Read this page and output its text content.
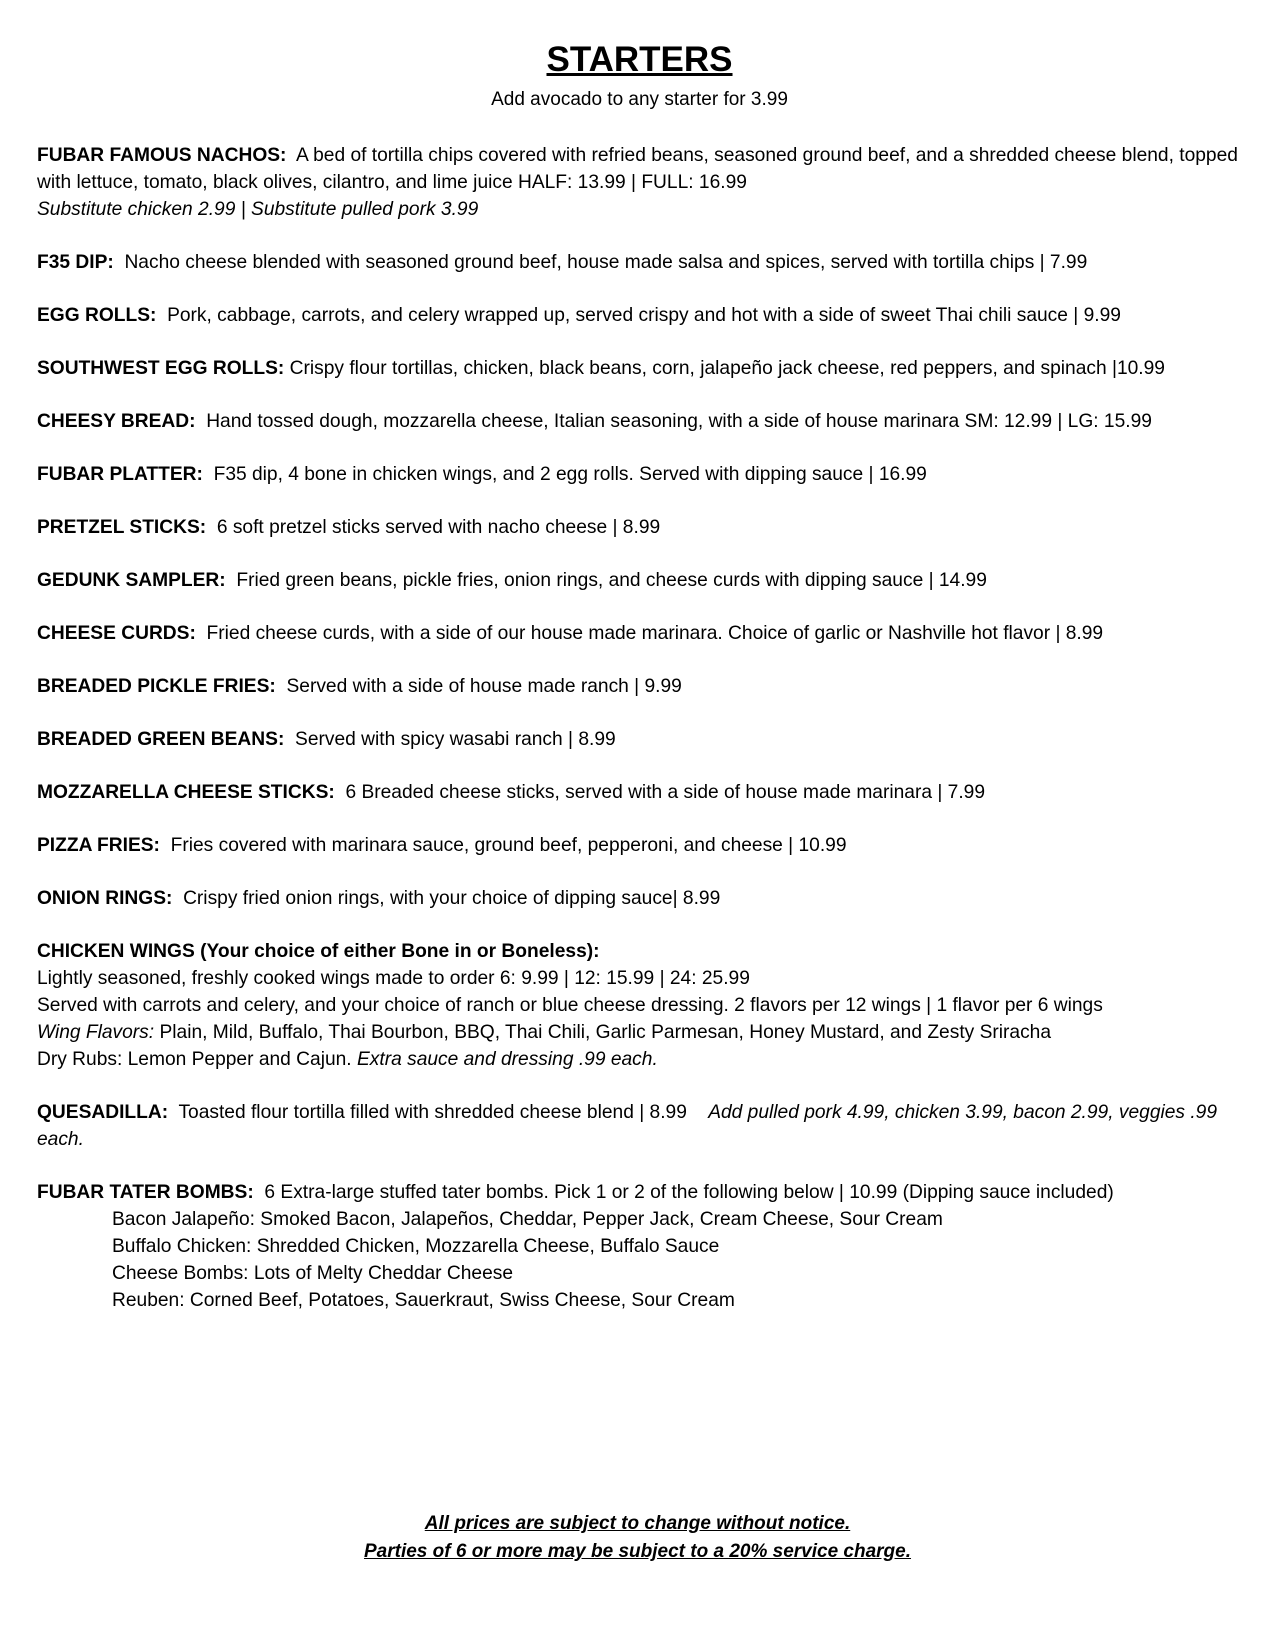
STARTERS

Add avocado to any starter for 3.99

FUBAR FAMOUS NACHOS: A bed of tortilla chips covered with refried beans, seasoned ground beef, and a shredded cheese blend, topped with lettuce, tomato, black olives, cilantro, and lime juice HALF: 13.99 | FULL: 16.99

Substitute chicken 2.99 | Substitute pulled pork 3.99

F35 DIP: Nacho cheese blended with seasoned ground beef, house made salsa and spices, served with tortilla chips | 7.99

EGG ROLLS: Pork, cabbage, carrots, and celery wrapped up, served crispy and hot with a side of sweet Thai chili sauce | 9.99

SOUTHWEST EGG ROLLS: Crispy flour tortillas, chicken, black beans, corn, jalapeño jack cheese, red peppers, and spinach |10.99

CHEESY BREAD: Hand tossed dough, mozzarella cheese, Italian seasoning, with a side of house marinara SM: 12.99 | LG: 15.99

FUBAR PLATTER: F35 dip, 4 bone in chicken wings, and 2 egg rolls. Served with dipping sauce | 16.99

PRETZEL STICKS: 6 soft pretzel sticks served with nacho cheese | 8.99

GEDUNK SAMPLER: Fried green beans, pickle fries, onion rings, and cheese curds with dipping sauce | 14.99

CHEESE CURDS: Fried cheese curds, with a side of our house made marinara. Choice of garlic or Nashville hot flavor | 8.99

BREADED PICKLE FRIES: Served with a side of house made ranch | 9.99

BREADED GREEN BEANS: Served with spicy wasabi ranch | 8.99

MOZZARELLA CHEESE STICKS: 6 Breaded cheese sticks, served with a side of house made marinara | 7.99

PIZZA FRIES: Fries covered with marinara sauce, ground beef, pepperoni, and cheese | 10.99

ONION RINGS: Crispy fried onion rings, with your choice of dipping sauce| 8.99

CHICKEN WINGS (Your choice of either Bone in or Boneless):

Lightly seasoned, freshly cooked wings made to order 6: 9.99 | 12: 15.99 | 24: 25.99

Served with carrots and celery, and your choice of ranch or blue cheese dressing. 2 flavors per 12 wings | 1 flavor per 6 wings

Wing Flavors: Plain, Mild, Buffalo, Thai Bourbon, BBQ, Thai Chili, Garlic Parmesan, Honey Mustard, and Zesty Sriracha

Dry Rubs: Lemon Pepper and Cajun. Extra sauce and dressing .99 each.

QUESADILLA: Toasted flour tortilla filled with shredded cheese blend | 8.99 Add pulled pork 4.99, chicken 3.99, bacon 2.99, veggies .99 each.

FUBAR TATER BOMBS: 6 Extra-large stuffed tater bombs. Pick 1 or 2 of the following below | 10.99 (Dipping sauce included)

Bacon Jalapeño: Smoked Bacon, Jalapeños, Cheddar, Pepper Jack, Cream Cheese, Sour Cream

Buffalo Chicken: Shredded Chicken, Mozzarella Cheese, Buffalo Sauce

Cheese Bombs: Lots of Melty Cheddar Cheese

Reuben: Corned Beef, Potatoes, Sauerkraut, Swiss Cheese, Sour Cream

All prices are subject to change without notice.

Parties of 6 or more may be subject to a 20% service charge.
